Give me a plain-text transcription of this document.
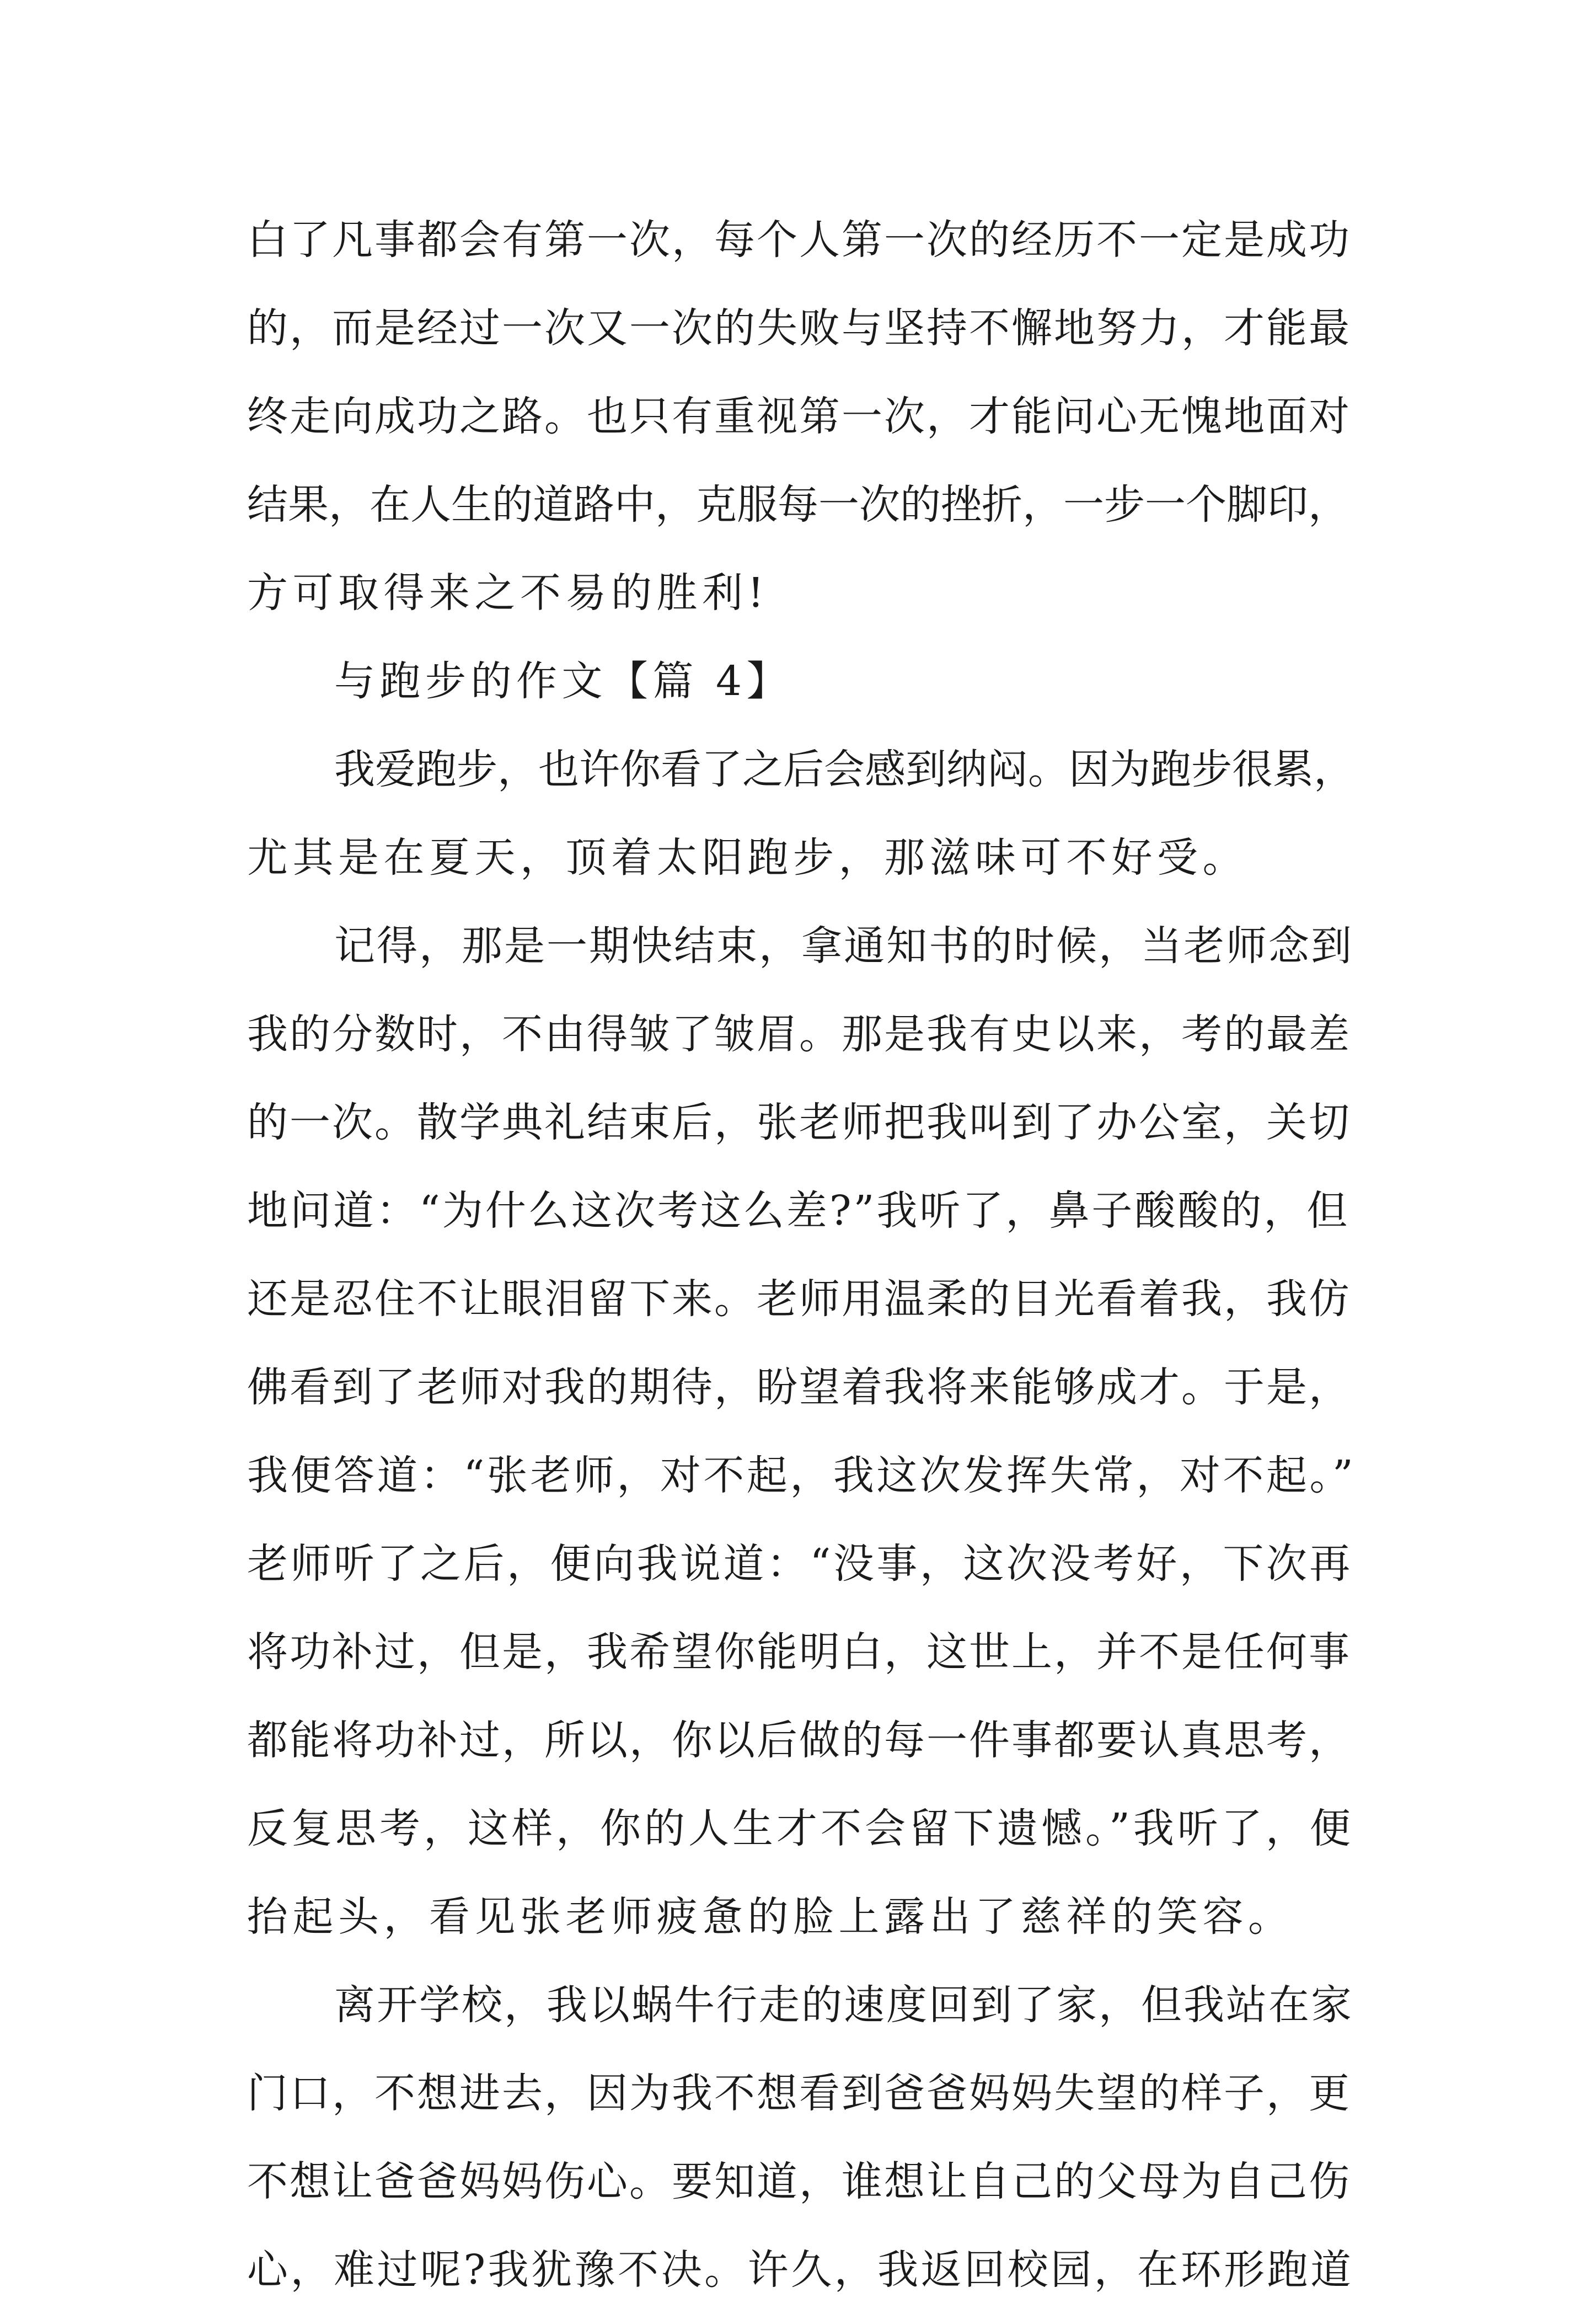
白了凡事都会有第一次，每个人第一次的经历不一定是成功
的，而是经过一次又一次的失败与坚持不懈地努力，才能最
终走向成功之路。也只有重视第一次，才能问心无愧地面对
结果，在人生的道路中，克服每一次的挫折，一步一个脚印，
方可取得来之不易的胜利!
与跑步的作文【篇 4】
我爱跑步，也许你看了之后会感到纳闷。因为跑步很累，
尤其是在夏天，顶着太阳跑步，那滋味可不好受。
记得，那是一期快结束，拿通知书的时候，当老师念到
我的分数时，不由得皱了皱眉。那是我有史以来，考的最差
的一次。散学典礼结束后，张老师把我叫到了办公室，关切
地问道：“为什么这次考这么差?”我听了，鼻子酸酸的，但
还是忍住不让眼泪留下来。老师用温柔的目光看着我，我仿
佛看到了老师对我的期待，盼望着我将来能够成才。于是，
我便答道：“张老师，对不起，我这次发挥失常，对不起。”
老师听了之后，便向我说道：“没事，这次没考好，下次再
将功补过，但是，我希望你能明白，这世上，并不是任何事
都能将功补过，所以，你以后做的每一件事都要认真思考，
反复思考，这样，你的人生才不会留下遗憾。”我听了，便
抬起头，看见张老师疲惫的脸上露出了慈祥的笑容。
离开学校，我以蜗牛行走的速度回到了家，但我站在家
门口，不想进去，因为我不想看到爸爸妈妈失望的样子，更
不想让爸爸妈妈伤心。要知道，谁想让自己的父母为自己伤
心，难过呢?我犹豫不决。许久，我返回校园，在环形跑道
